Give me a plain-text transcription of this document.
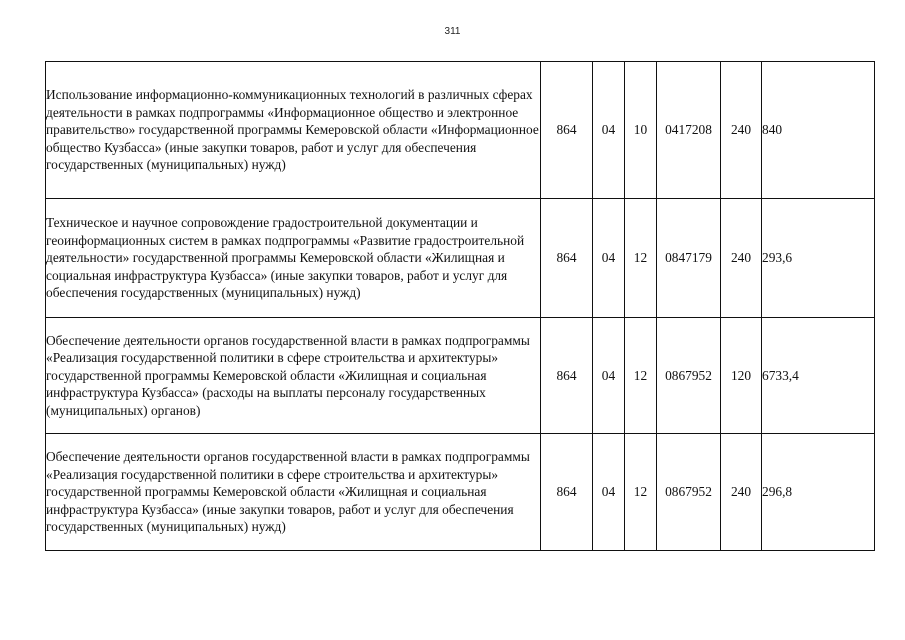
311
Использование информационно-коммуникационных технологий в различных сферах деятельности в рамках подпрограммы «Информационное общество и электронное правительство» государственной программы Кемеровской области «Информационное общество Кузбасса» (иные закупки товаров, работ и услуг для обеспечения государственных (муниципальных) нужд)	864	04	10	0417208	240	840
Техническое и научное сопровождение градостроительной документации и геоинформационных систем в рамках подпрограммы «Развитие градостроительной деятельности» государственной программы Кемеровской области «Жилищная и социальная инфраструктура Кузбасса» (иные закупки товаров, работ и услуг для обеспечения государственных (муниципальных) нужд)	864	04	12	0847179	240	293,6
Обеспечение деятельности органов государственной власти в рамках подпрограммы «Реализация государственной политики в сфере строительства и архитектуры» государственной программы Кемеровской области «Жилищная и социальная инфраструктура Кузбасса» (расходы на выплаты персоналу государственных (муниципальных) органов)	864	04	12	0867952	120	6733,4
Обеспечение деятельности органов государственной власти в рамках подпрограммы «Реализация государственной политики в сфере строительства и архитектуры» государственной программы Кемеровской области «Жилищная и социальная инфраструктура Кузбасса» (иные закупки товаров, работ и услуг для обеспечения государственных (муниципальных) нужд)	864	04	12	0867952	240	296,8
